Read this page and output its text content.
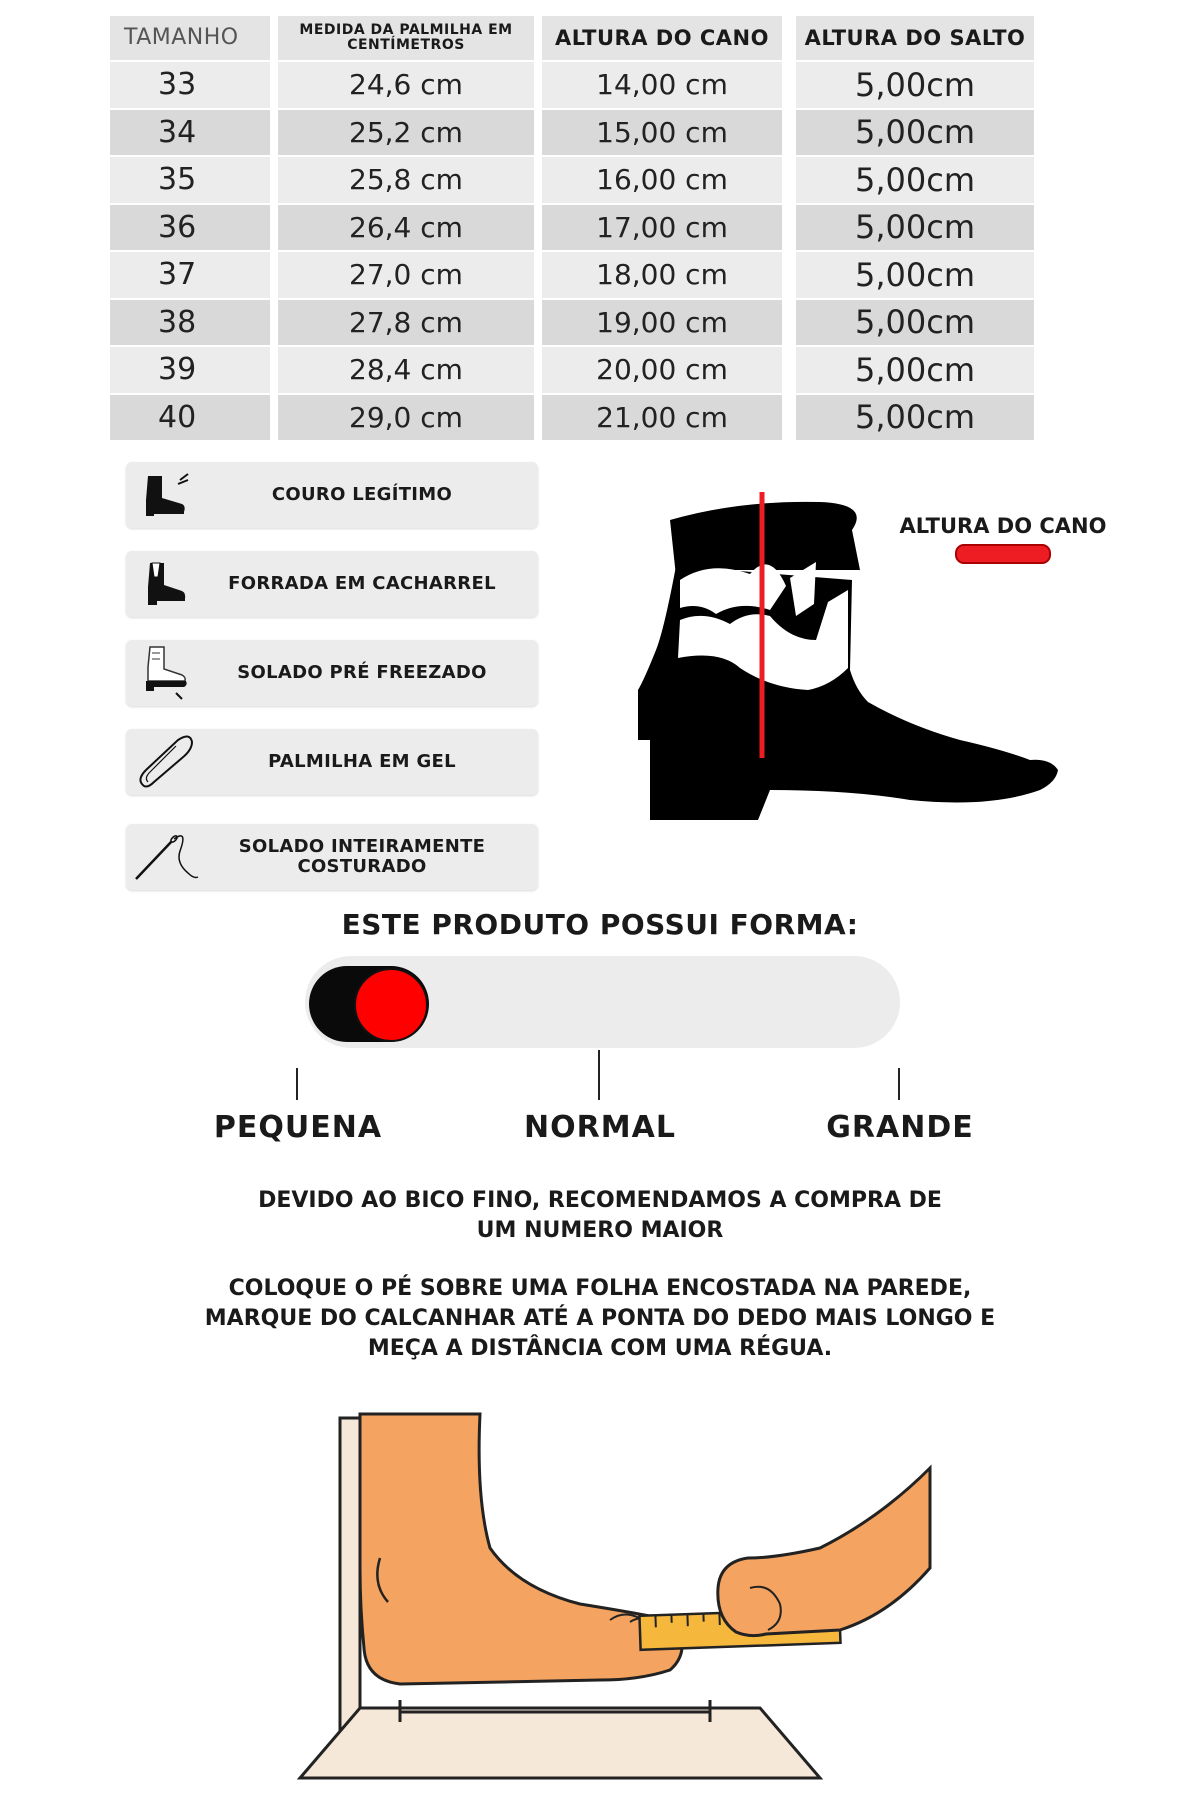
TAMANHO
33
34
35
36
37
38
39
40
MEDIDA DA PALMILHA EM CENTÍMETROS
24,6 cm
25,2 cm
25,8 cm
26,4 cm
27,0 cm
27,8 cm
28,4 cm
29,0 cm
ALTURA DO CANO
14,00 cm
15,00 cm
16,00 cm
17,00 cm
18,00 cm
19,00 cm
20,00 cm
21,00 cm
ALTURA DO SALTO
5,00cm
5,00cm
5,00cm
5,00cm
5,00cm
5,00cm
5,00cm
5,00cm
COURO LEGÍTIMO
FORRADA EM CACHARREL
SOLADO PRÉ FREEZADO
PALMILHA EM GEL
SOLADO INTEIRAMENTE COSTURADO
ALTURA DO CANO
ESTE PRODUTO POSSUI FORMA:
PEQUENA	NORMAL	GRANDE
DEVIDO AO BICO FINO, RECOMENDAMOS A COMPRA DE
UM NUMERO MAIOR
COLOQUE O PÉ SOBRE UMA FOLHA ENCOSTADA NA PAREDE,
MARQUE DO CALCANHAR ATÉ A PONTA DO DEDO MAIS LONGO E
MEÇA A DISTÂNCIA COM UMA RÉGUA.
